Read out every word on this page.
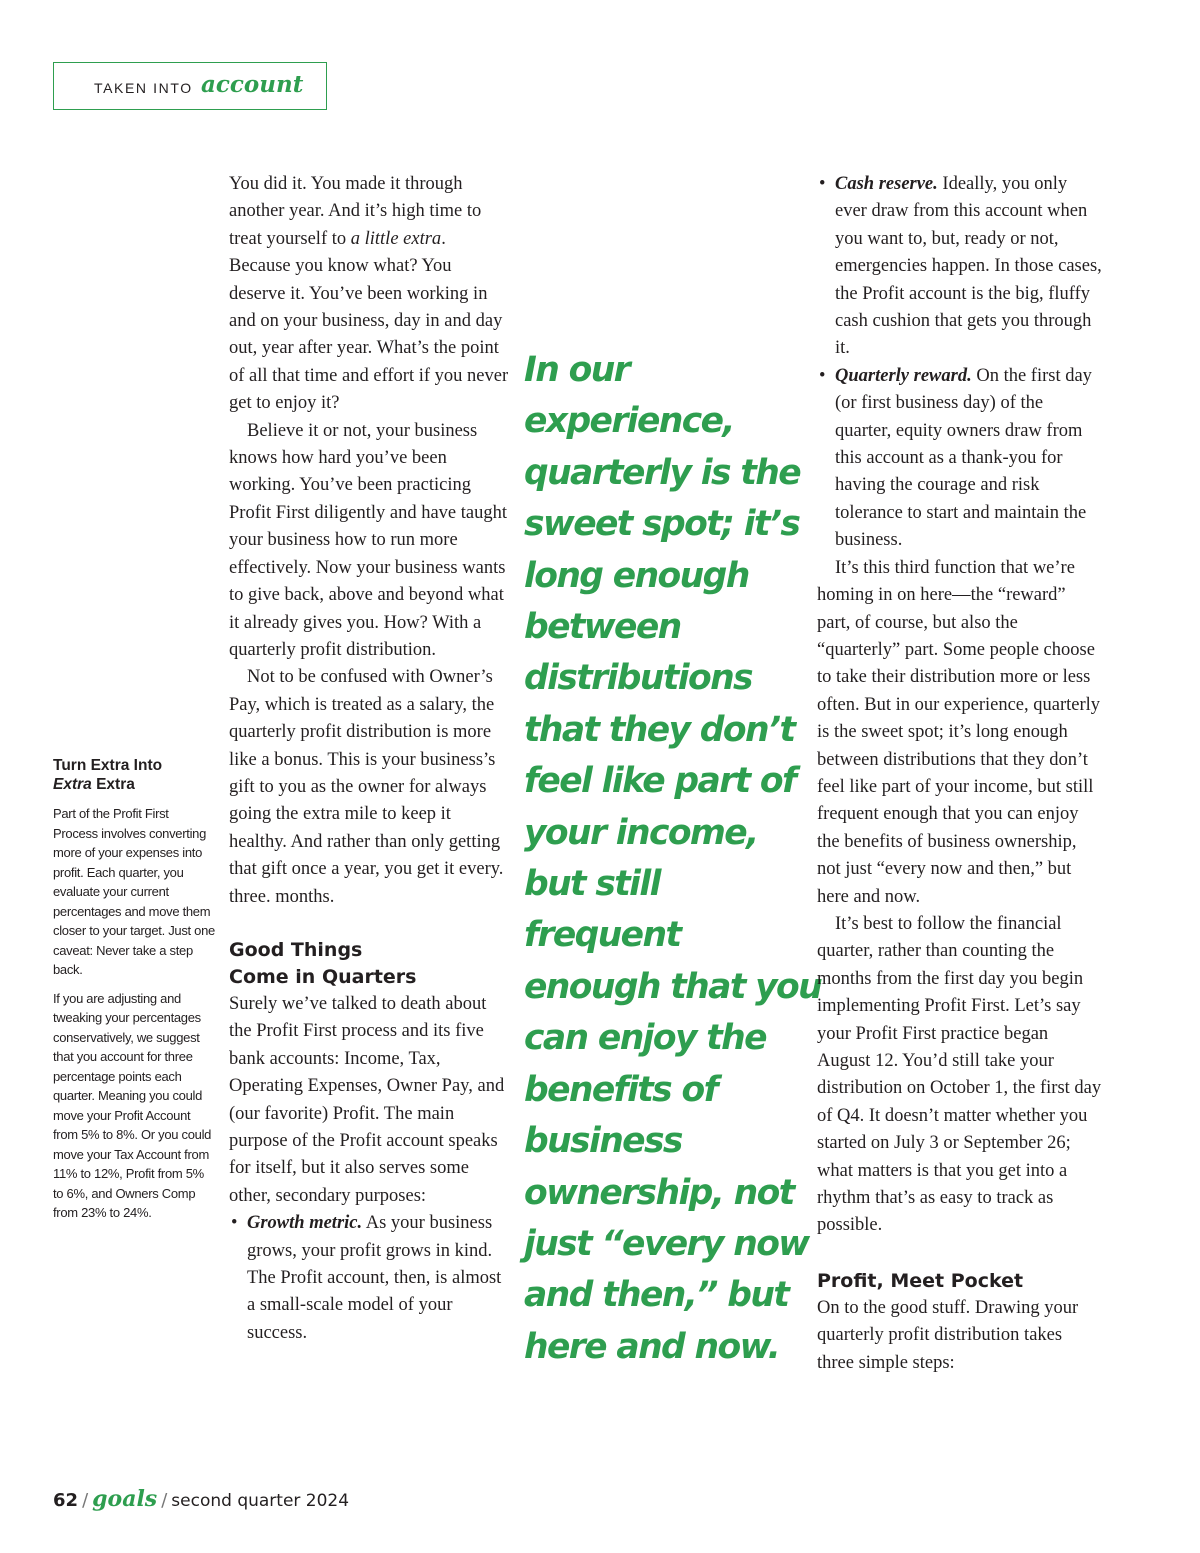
TAKEN INTO account
Turn Extra Into
Extra Extra

Part of the Profit First Process involves converting more of your expenses into profit. Each quarter, you evaluate your current percentages and move them closer to your target. Just one caveat: Never take a step back.

If you are adjusting and tweaking your percentages conservatively, we suggest that you account for three percentage points each quarter. Meaning you could move your Profit Account from 5% to 8%. Or you could move your Tax Account from 11% to 12%, Profit from 5% to 6%, and Owners Comp from 23% to 24%.

You did it. You made it through another year. And it’s high time to treat yourself to a little extra. Because you know what? You deserve it. You’ve been working in and on your business, day in and day out, year after year. What’s the point of all that time and effort if you never get to enjoy it?

Believe it or not, your business knows how hard you’ve been working. You’ve been practicing Profit First diligently and have taught your business how to run more effectively. Now your business wants to give back, above and beyond what it already gives you. How? With a quarterly profit distribution.

Not to be confused with Owner’s Pay, which is treated as a salary, the quarterly profit distribution is more like a bonus. This is your business’s gift to you as the owner for always going the extra mile to keep it healthy. And rather than only getting that gift once a year, you get it every. three. months.

Good Things
Come in Quarters

Surely we’ve talked to death about the Profit First process and its five bank accounts: Income, Tax, Operating Expenses, Owner Pay, and (our favorite) Profit. The main purpose of the Profit account speaks for itself, but it also serves some other, secondary purposes:

• Growth metric. As your business grows, your profit grows in kind. The Profit account, then, is almost a small-scale model of your success.
In our experience, quarterly is the sweet spot; it’s long enough between distributions that they don’t feel like part of your income, but still frequent enough that you can enjoy the benefits of business ownership, not just “every now and then,” but here and now.
• Cash reserve. Ideally, you only ever draw from this account when you want to, but, ready or not, emergencies happen. In those cases, the Profit account is the big, fluffy cash cushion that gets you through it.
• Quarterly reward. On the first day (or first business day) of the quarter, equity owners draw from this account as a thank-you for having the courage and risk tolerance to start and maintain the business.

It’s this third function that we’re homing in on here—the “reward” part, of course, but also the “quarterly” part. Some people choose to take their distribution more or less often. But in our experience, quarterly is the sweet spot; it’s long enough between distributions that they don’t feel like part of your income, but still frequent enough that you can enjoy the benefits of business ownership, not just “every now and then,” but here and now.

It’s best to follow the financial quarter, rather than counting the months from the first day you begin implementing Profit First. Let’s say your Profit First practice began August 12. You’d still take your distribution on October 1, the first day of Q4. It doesn’t matter whether you started on July 3 or September 26; what matters is that you get into a rhythm that’s as easy to track as possible.

Profit, Meet Pocket

On to the good stuff. Drawing your quarterly profit distribution takes three simple steps:

62 / goals / second quarter 2024
